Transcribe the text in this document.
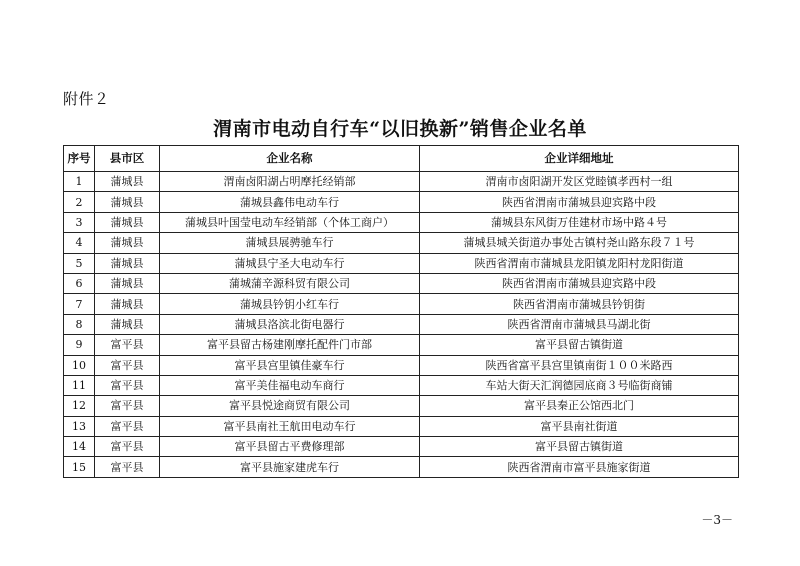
附件２
渭南市电动自行车“以旧换新”销售企业名单
序号	县市区	企业名称	企业详细地址
1	蒲城县	渭南卤阳湖占明摩托经销部	渭南市卤阳湖开发区党睦镇孝西村一组
2	蒲城县	蒲城县鑫伟电动车行	陕西省渭南市蒲城县迎宾路中段
3	蒲城县	蒲城县叶国莹电动车经销部（个体工商户）	蒲城县东风街万佳建材市场中路４号
4	蒲城县	蒲城县展骋驰车行	蒲城县城关街道办事处古镇村尧山路东段７１号
5	蒲城县	蒲城县宁圣大电动车行	陕西省渭南市蒲城县龙阳镇龙阳村龙阳街道
6	蒲城县	蒲城蒲辛源科贸有限公司	陕西省渭南市蒲城县迎宾路中段
7	蒲城县	蒲城县钤钥小红车行	陕西省渭南市蒲城县钤钥街
8	蒲城县	蒲城县洛滨北街电器行	陕西省渭南市蒲城县马湖北街
9	富平县	富平县留古杨建刚摩托配件门市部	富平县留古镇街道
10	富平县	富平县宫里镇佳豪车行	陕西省富平县宫里镇南街１００米路西
11	富平县	富平美佳福电动车商行	车站大街天汇润德园底商３号临街商铺
12	富平县	富平县悦途商贸有限公司	富平县秦正公馆西北门
13	富平县	富平县南社王航田电动车行	富平县南社街道
14	富平县	富平县留古平费修理部	富平县留古镇街道
15	富平县	富平县施家建虎车行	陕西省渭南市富平县施家街道
－3－
